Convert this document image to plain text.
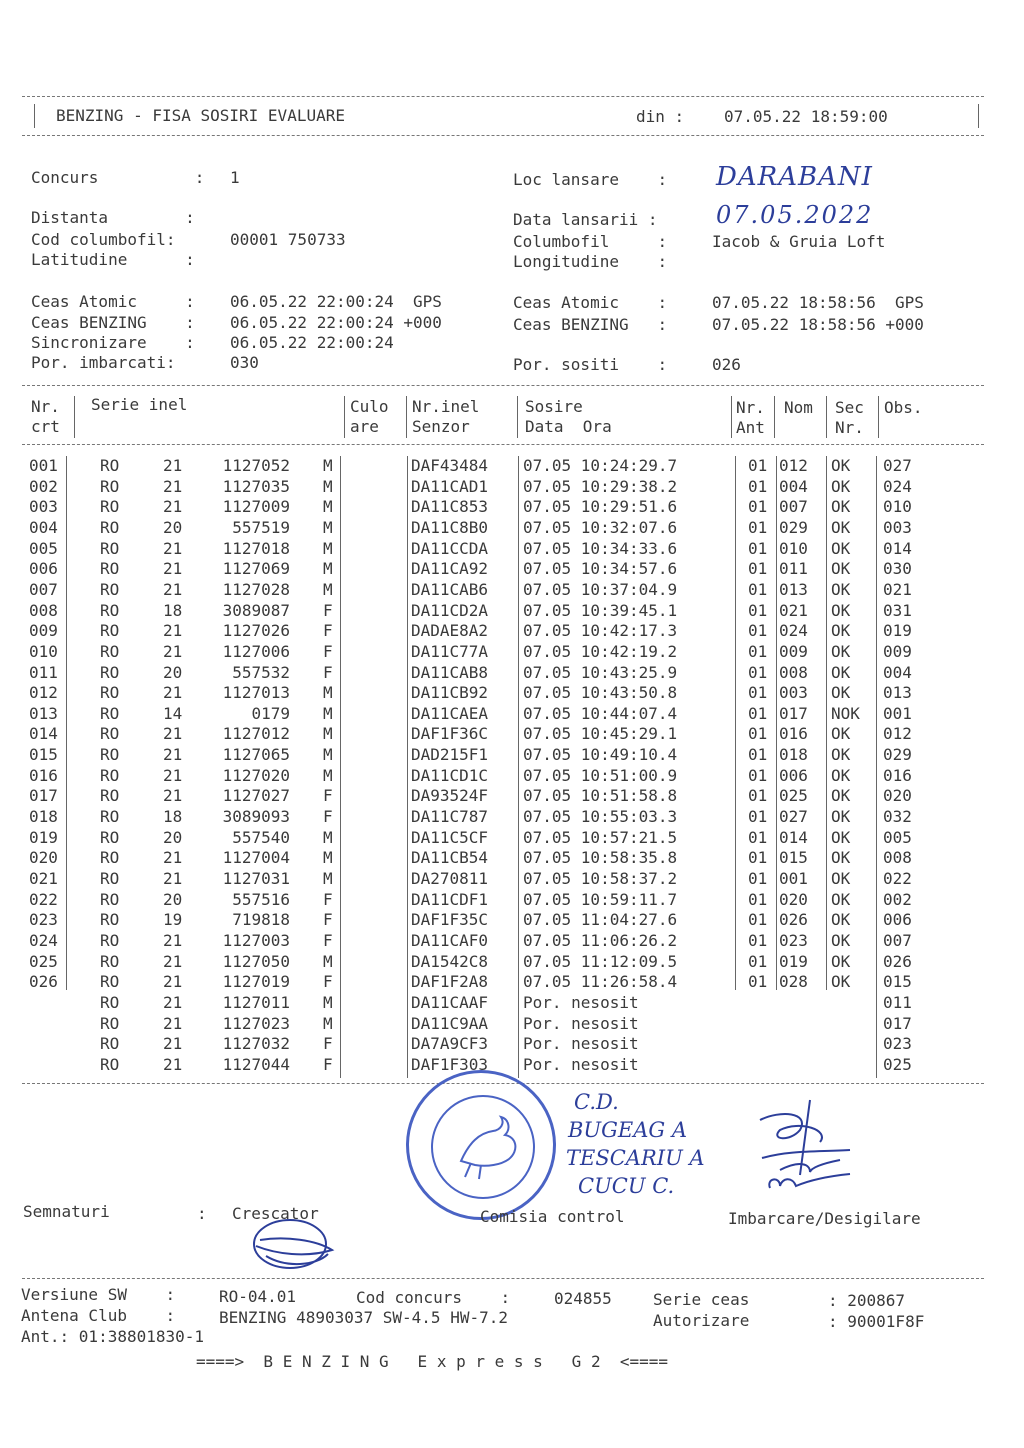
BENZING - FISA SOSIRI EVALUARE	din : 07.05.22 18:59:00
Concurs          : 1
Distanta        :
Cod columbofil:	00001 750733
Latitudine      :
Ceas Atomic     : 06.05.22 22:00:24  GPS
Ceas BENZING    : 06.05.22 22:00:24 +000
Sincronizare    : 06.05.22 22:00:24
Por. imbarcati:	030
Loc lansare    : DARABANI
Data lansarii : 07.05.2022
Columbofil     :	Iacob & Gruia Loft
Longitudine    :
Ceas Atomic    :	07.05.22 18:58:56  GPS
Ceas BENZING   :	07.05.22 18:58:56 +000
Por. sositi    :	026
Nr.
crt
Serie inel	Culo
are
Nr.inel
Senzor
Sosire
Data  Ora
Nr.
Ant
Nom Sec
Nr.
Obs.
001	RO	21	1127052 M	DAF43484 07.05 10:24:29.7	01 012 OK 027
002	RO	21	1127035 M	DA11CAD1 07.05 10:29:38.2	01 004 OK 024
003	RO	21	1127009 M	DA11C853 07.05 10:29:51.6	01 007 OK 010
004	RO	20	557519 M	DA11C8B0 07.05 10:32:07.6	01 029 OK 003
005	RO	21	1127018 M	DA11CCDA 07.05 10:34:33.6	01 010 OK 014
006	RO	21	1127069 M	DA11CA92 07.05 10:34:57.6	01 011 OK 030
007	RO	21	1127028 M	DA11CAB6 07.05 10:37:04.9	01 013 OK 021
008	RO	18	3089087 F	DA11CD2A 07.05 10:39:45.1	01 021 OK 031
009	RO	21	1127026 F	DADAE8A2 07.05 10:42:17.3	01 024 OK 019
010	RO	21	1127006 F	DA11C77A 07.05 10:42:19.2	01 009 OK 009
011	RO	20	557532 F	DA11CAB8 07.05 10:43:25.9	01 008 OK 004
012	RO	21	1127013 M	DA11CB92 07.05 10:43:50.8	01 003 OK 013
013	RO	14	0179 M	DA11CAEA 07.05 10:44:07.4	01 017 NOK 001
014	RO	21	1127012 M	DAF1F36C 07.05 10:45:29.1	01 016 OK 012
015	RO	21	1127065 M	DAD215F1 07.05 10:49:10.4	01 018 OK 029
016	RO	21	1127020 M	DA11CD1C 07.05 10:51:00.9	01 006 OK 016
017	RO	21	1127027 F	DA93524F 07.05 10:51:58.8	01 025 OK 020
018	RO	18	3089093 F	DA11C787 07.05 10:55:03.3	01 027 OK 032
019	RO	20	557540 M	DA11C5CF 07.05 10:57:21.5	01 014 OK 005
020	RO	21	1127004 M	DA11CB54 07.05 10:58:35.8	01 015 OK 008
021	RO	21	1127031 M	DA270811 07.05 10:58:37.2	01 001 OK 022
022	RO	20	557516 F	DA11CDF1 07.05 10:59:11.7	01 020 OK 002
023	RO	19	719818 F	DAF1F35C 07.05 11:04:27.6	01 026 OK 006
024	RO	21	1127003 F	DA11CAF0 07.05 11:06:26.2	01 023 OK 007
025	RO	21	1127050 M	DA1542C8 07.05 11:12:09.5	01 019 OK 026
026	RO	21	1127019 F	DAF1F2A8 07.05 11:26:58.4	01 028 OK 015
RO	21	1127011 M	DA11CAAF Por. nesosit	011
RO	21	1127023 M	DA11C9AA Por. nesosit	017
RO	21	1127032 F	DA7A9CF3 Por. nesosit	023
RO	21	1127044 F	DAF1F303 Por. nesosit	025
C.D.
BUGEAG A
TESCARIU A
CUCU C.
Semnaturi	: Crescator	Comisia control	Imbarcare/Desigilare
Versiune SW    :	RO-04.01	Cod concurs    :	024855	Serie ceas	: 200867
Antena Club    :	BENZING 48903037 SW-4.5 HW-7.2	Autorizare	: 90001F8F
Ant.: 01:38801830-1
====>  B E N Z I N G   E x p r e s s   G 2  <====
